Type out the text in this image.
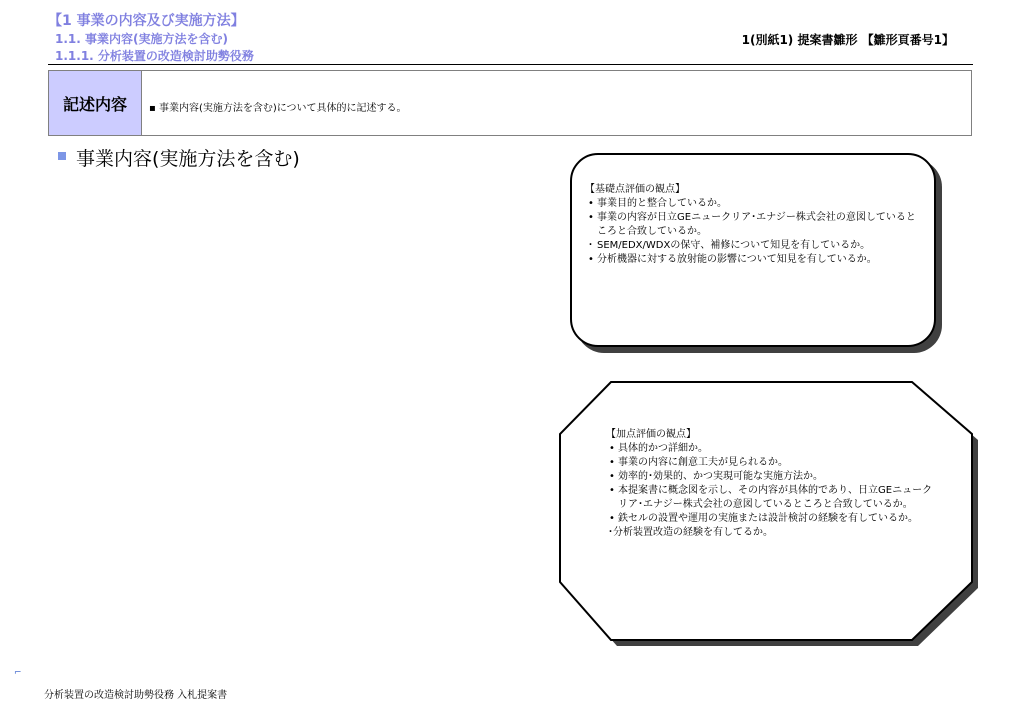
【1 事業の内容及び実施方法】
1.1. 事業内容(実施方法を含む)
1.1.1. 分析装置の改造検討助勢役務
1(別紙1) 提案書雛形 【雛形頁番号1】
記述内容	▪ 事業内容(実施方法を含む)について具体的に記述する。
事業内容(実施方法を含む)
【基礎点評価の観点】
• 事業目的と整合しているか。
• 事業の内容が日立GEニュークリア･エナジー株式会社の意図しているところと合致しているか。
･ SEM/EDX/WDXの保守、補修について知見を有しているか。
• 分析機器に対する放射能の影響について知見を有しているか。
【加点評価の観点】
• 具体的かつ詳細か。
• 事業の内容に創意工夫が見られるか。
• 効率的･効果的、かつ実現可能な実施方法か。
• 本提案書に概念図を示し、その内容が具体的であり、日立GEニュークリア･エナジー株式会社の意図しているところと合致しているか。
• 鉄セルの設置や運用の実施または設計検討の経験を有しているか。
･分析装置改造の経験を有してるか。
⌐
分析装置の改造検討助勢役務 入札提案書
